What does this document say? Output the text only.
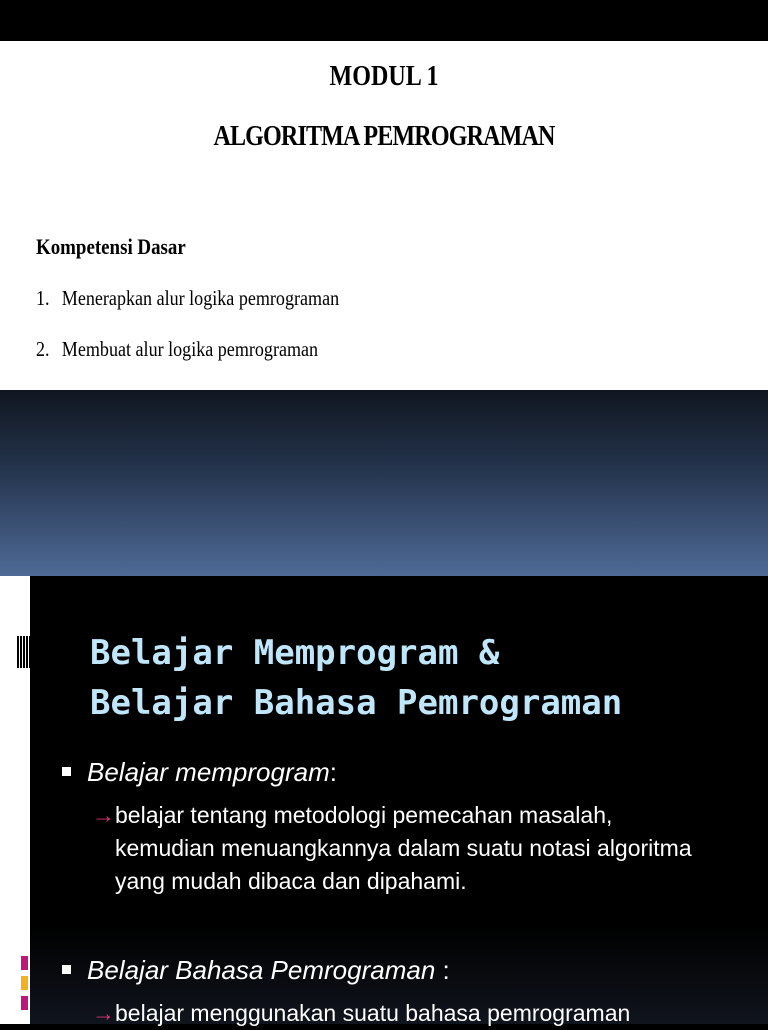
MODUL 1
ALGORITMA PEMROGRAMAN
Kompetensi Dasar
1. Menerapkan alur logika pemrograman
2. Membuat alur logika pemrograman
Belajar Memprogram &
Belajar Bahasa Pemrograman
Belajar memprogram:
→belajar tentang metodologi pemecahan masalah, kemudian menuangkannya dalam suatu notasi algoritma yang mudah dibaca dan dipahami.
Belajar Bahasa Pemrograman :
→belajar menggunakan suatu bahasa pemrograman
